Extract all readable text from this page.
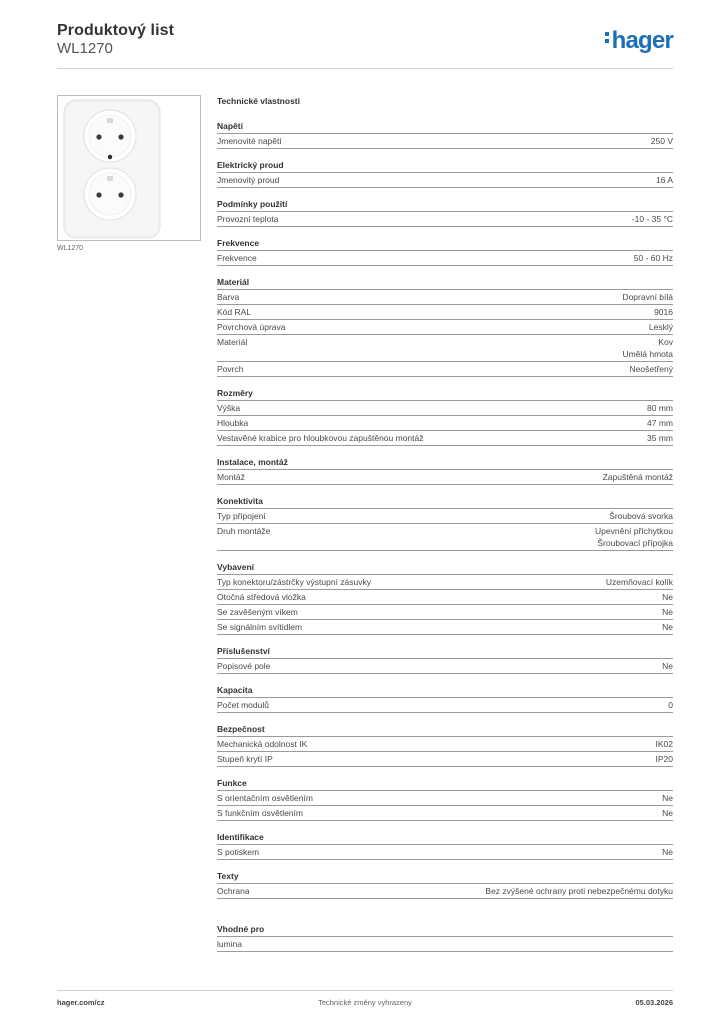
Produktový list
WL1270	hager
WL1270
Technické vlastnosti
Napětí
Jmenovité napětí	250 V
Elektrický proud
Jmenovitý proud	16 A
Podmínky použití
Provozní teplota	-10 - 35 °C
Frekvence
Frekvence	50 - 60 Hz
Materiál
Barva	Dopravní bílá
Kód RAL	9016
Povrchová úprava	Lesklý
Materiál	Kov
Umělá hmota
Povrch	Neošetřený
Rozměry
Výška	80 mm
Hloubka	47 mm
Vestavěné krabice pro hloubkovou zapuštěnou montáž	35 mm
Instalace, montáž
Montáž	Zapuštěná montáž
Konektivita
Typ připojení	Šroubová svorka
Druh montáže	Upevnění příchytkou
Šroubovací přípojka
Vybavení
Typ konektoru/zástrčky výstupní zásuvky	Uzemňovací kolík
Otočná středová vložka	Ne
Se zavěšeným víkem	Ne
Se signálním svítidlem	Ne
Příslušenství
Popisové pole	Ne
Kapacita
Počet modulů	0
Bezpečnost
Mechanická odolnost IK	IK02
Stupeň krytí IP	IP20
Funkce
S orientačním osvětlením	Ne
S funkčním osvětlením	Ne
Identifikace
S potiskem	Ne
Texty
Ochrana	Bez zvýšené ochrany proti nebezpečnému dotyku
Vhodné pro
lumina
Technické změny vyhrazeny
hager.com/cz	05.03.2026
